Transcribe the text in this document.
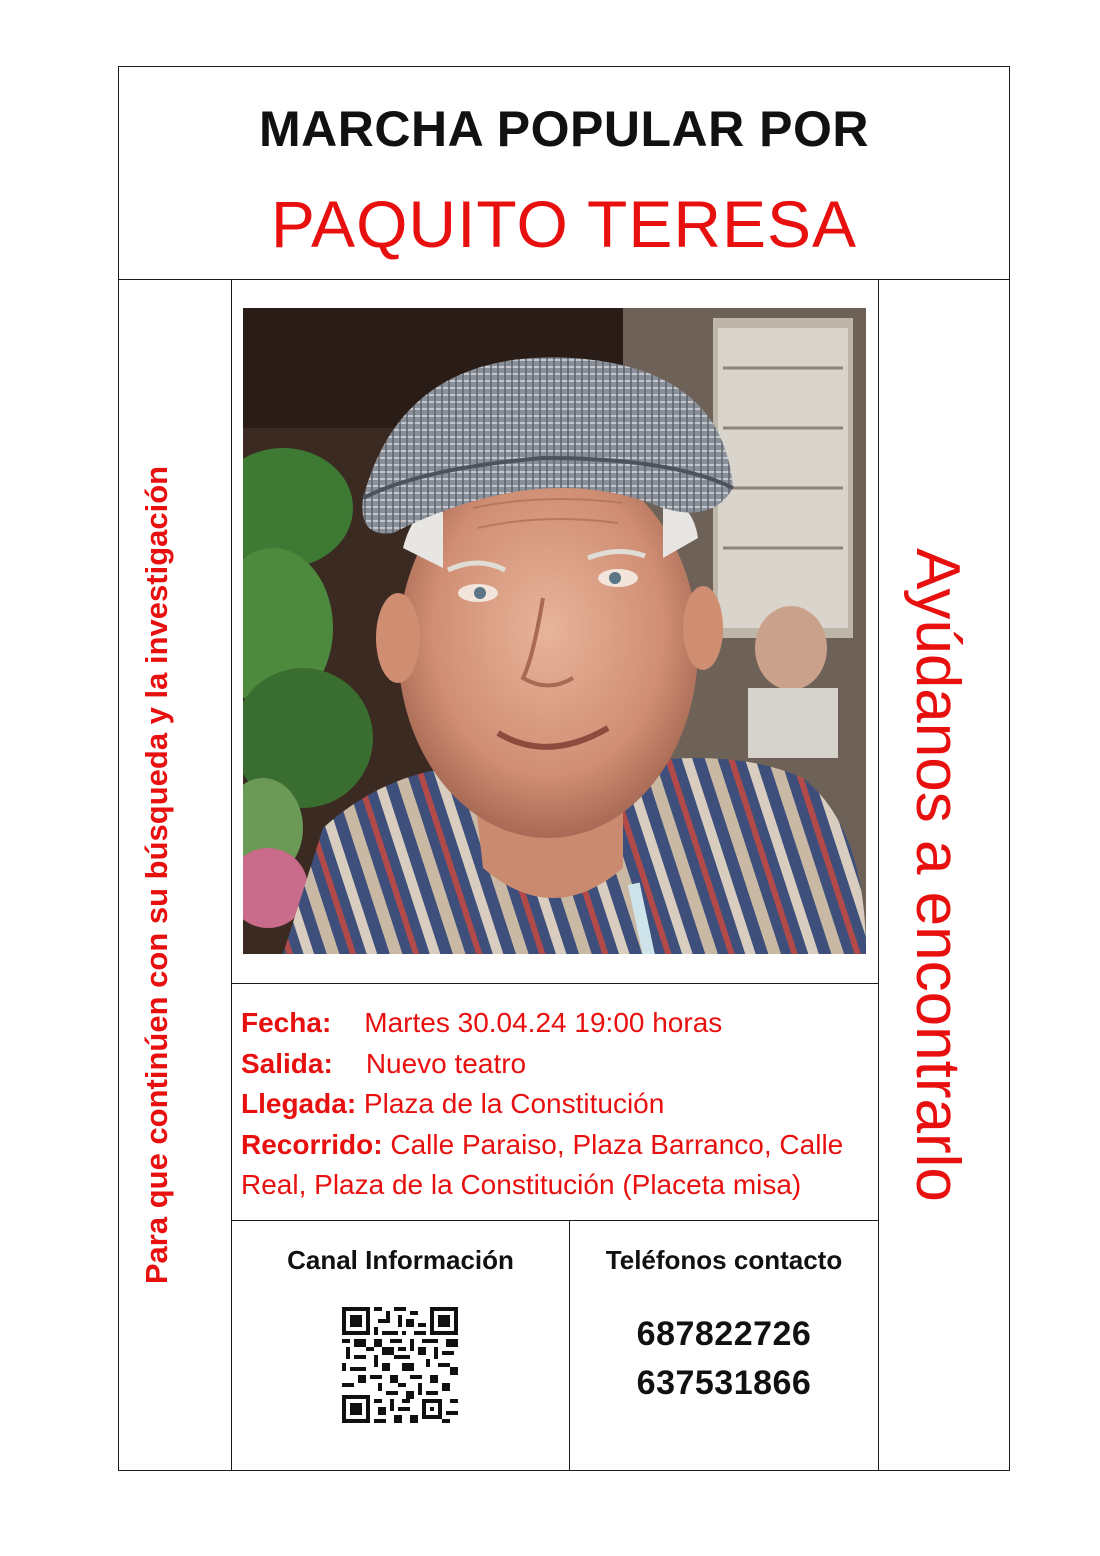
MARCHA POPULAR POR
PAQUITO TERESA
Para que continúen con su búsqueda y la investigación	Ayúdanos a encontrarlo
Fecha: Martes 30.04.24 19:00 horas
Salida: Nuevo teatro
Llegada: Plaza de la Constitución
Recorrido: Calle Paraiso, Plaza Barranco, Calle Real, Plaza de la Constitución (Placeta misa)
Canal Información	Teléfonos contacto
687822726
637531866
